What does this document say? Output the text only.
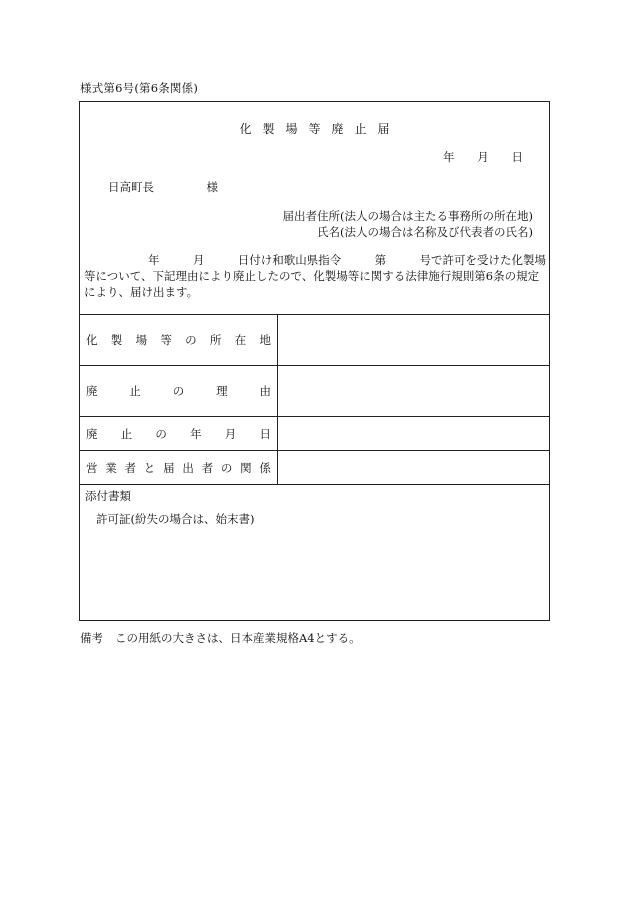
様式第6号(第6条関係)
化製場等廃止届
年 月 日
日高町長	様
届出者住所(法人の場合は主たる事務所の所在地)
氏名(法人の場合は名称及び代表者の氏名)
年	月	日付け和歌山県指令	第	号で許可を受けた化製場
等について、下記理由により廃止したので、化製場等に関する法律施行規則第6条の規定
により、届け出ます。
化 製 場 等 の 所 在 地
廃	止	の	理	由
廃 止 の 年 月 日
営 業 者 と 届 出 者 の 関 係
添付書類
許可証(紛失の場合は、始末書)
備考 この用紙の大きさは、日本産業規格A4とする。
